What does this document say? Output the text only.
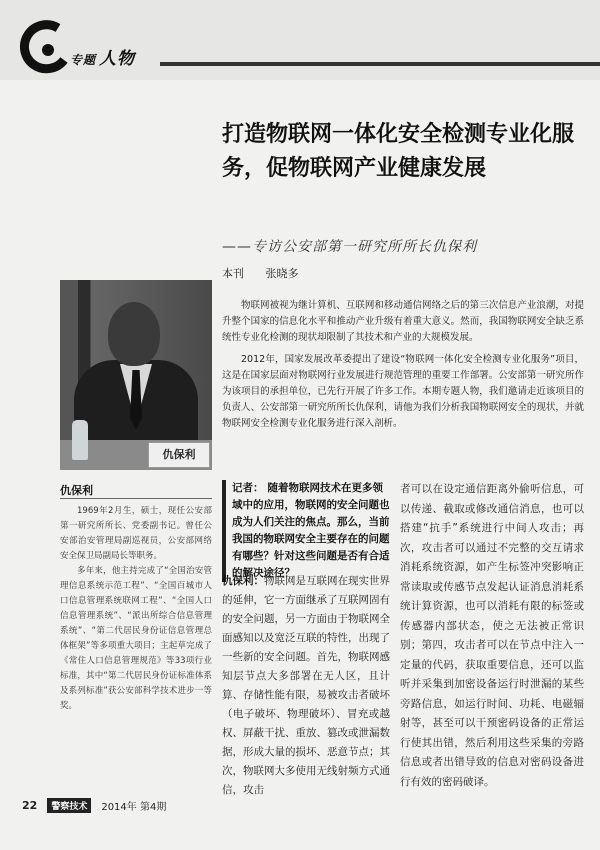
专题 人物
打造物联网一体化安全检测专业化服务，促物联网产业健康发展
——专访公安部第一研究所所长仇保利
本刊 张晓多
仇保利

物联网被视为继计算机、互联网和移动通信网络之后的第三次信息产业浪潮，对提升整个国家的信息化水平和推动产业升级有着重大意义。然而，我国物联网安全缺乏系统性专业化检测的现状却限制了其技术和产业的大规模发展。

2012年，国家发展改革委提出了建设“物联网一体化安全检测专业化服务”项目，这是在国家层面对物联网行业发展进行规范管理的重要工作部署。公安部第一研究所作为该项目的承担单位，已先行开展了许多工作。本期专题人物，我们邀请走近该项目的负责人、公安部第一研究所所长仇保利，请他为我们分析我国物联网安全的现状，并就物联网安全检测专业化服务进行深入剖析。

仇保利

1969年2月生，硕士，现任公安部第一研究所所长、党委副书记。曾任公安部治安管理局副巡视员，公安部网络安全保卫局副局长等职务。

多年来，他主持完成了“全国治安管理信息系统示范工程”、“全国百城市人口信息管理系统联网工程”、“全国人口信息管理系统”、“派出所综合信息管理系统”、“第二代居民身份证信息管理总体框架”等多项重大项目；主起草完成了《常住人口信息管理规范》等33项行业标准，其中“第二代居民身份证标准体系及系列标准”获公安部科学技术进步一等奖。

记者： 随着物联网技术在更多领域中的应用，物联网的安全问题也成为人们关注的焦点。那么，当前我国的物联网安全主要存在的问题有哪些？针对这些问题是否有合适的解决途径？
仇保利：物联网是互联网在现实世界的延伸，它一方面继承了互联网固有的安全问题，另一方面由于物联网全面感知以及宽泛互联的特性，出现了一些新的安全问题。首先，物联网感知层节点大多部署在无人区，且计算、存储性能有限，易被攻击者破坏（电子破坏、物理破坏）、冒充或越权、屏蔽干扰、重放、篡改或泄漏数据，形成大量的损坏、恶意节点；其次，物联网大多使用无线射频方式通信，攻击
者可以在设定通信距离外偷听信息，可以传递、截取或修改通信消息，也可以搭建“抗手”系统进行中间人攻击；再次，攻击者可以通过不完整的交互请求消耗系统资源，如产生标签冲突影响正常读取或传感节点发起认证消息消耗系统计算资源，也可以消耗有限的标签或传感器内部状态，使之无法被正常识别；第四，攻击者可以在节点中注入一定量的代码，获取重要信息，还可以监听并采集到加密设备运行时泄漏的某些旁路信息，如运行时间、功耗、电磁辐射等，甚至可以干预密码设备的正常运行使其出错，然后利用这些采集的旁路信息或者出错导致的信息对密码设备进行有效的密码破译。
22	警察技术	2014年 第4期
